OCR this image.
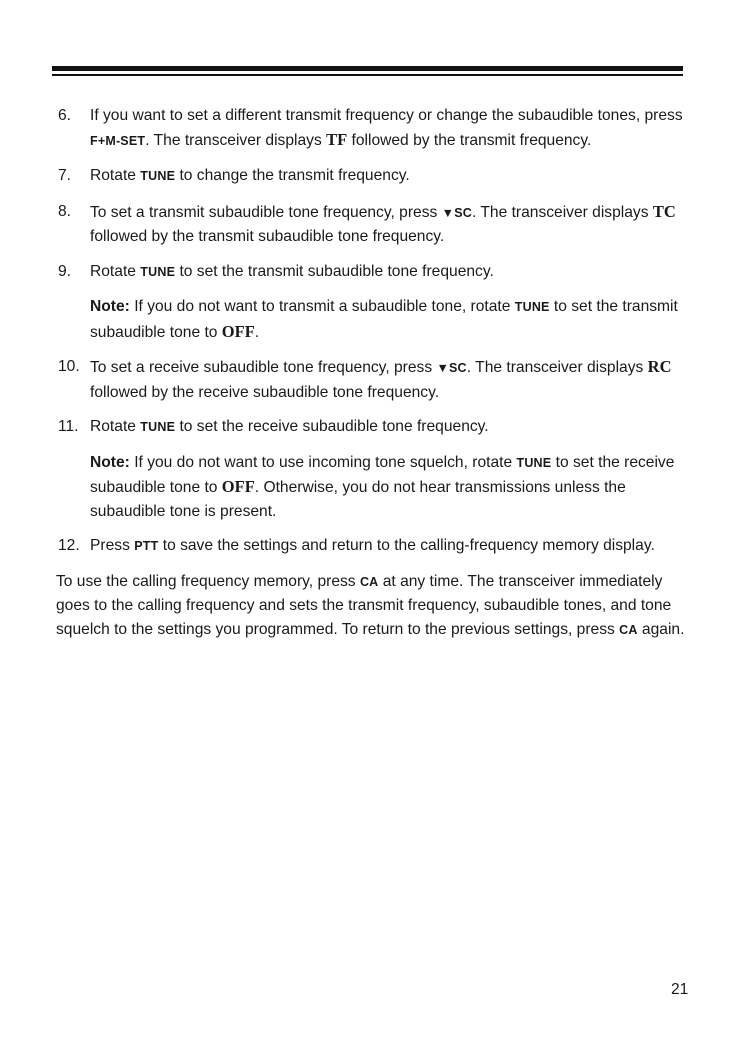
6. If you want to set a different transmit frequency or change the subaudible tones, press F+M-SET. The transceiver displays TF followed by the transmit frequency.
7. Rotate TUNE to change the transmit frequency.
8. To set a transmit subaudible tone frequency, press ▼SC. The transceiver displays TC followed by the transmit subaudible tone frequency.
9. Rotate TUNE to set the transmit subaudible tone frequency.
Note: If you do not want to transmit a subaudible tone, rotate TUNE to set the transmit subaudible tone to OFF.
10. To set a receive subaudible tone frequency, press ▼SC. The transceiver displays RC followed by the receive subaudible tone frequency.
11. Rotate TUNE to set the receive subaudible tone frequency.
Note: If you do not want to use incoming tone squelch, rotate TUNE to set the receive subaudible tone to OFF. Otherwise, you do not hear transmissions unless the subaudible tone is present.
12. Press PTT to save the settings and return to the calling-frequency memory display.
To use the calling frequency memory, press CA at any time. The transceiver immediately goes to the calling frequency and sets the transmit frequency, subaudible tones, and tone squelch to the settings you programmed. To return to the previous settings, press CA again.
21
